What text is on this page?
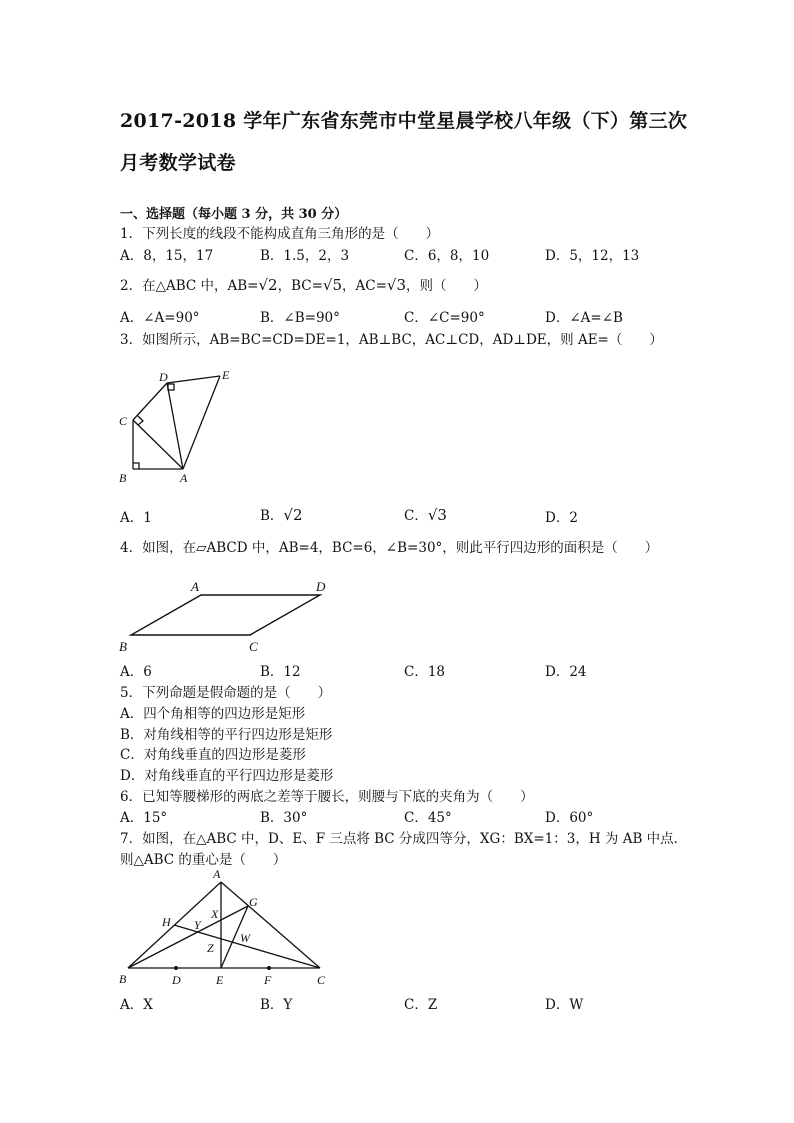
2017-2018 学年广东省东莞市中堂星晨学校八年级（下）第三次
月考数学试卷
一、选择题（每小题 3 分，共 30 分）
1．下列长度的线段不能构成直角三角形的是（　　）
A．8，15，17	B．1.5，2，3	C．6，8，10	D．5，12，13
2．在△ABC 中，AB=√2，BC=√5，AC=√3，则（　　）
A．∠A=90°	B．∠B=90°	C．∠C=90°	D．∠A=∠B
3．如图所示，AB=BC=CD=DE=1，AB⊥BC，AC⊥CD，AD⊥DE，则 AE=（　　）
D	E
C
B	A
A．1	B．√2	C．√3	D．2
4．如图，在▱ABCD 中，AB=4，BC=6，∠B=30°，则此平行四边形的面积是（　　）
A	D
B	C
A．6	B．12	C．18	D．24
5．下列命题是假命题的是（　　）
A．四个角相等的四边形是矩形
B．对角线相等的平行四边形是矩形
C．对角线垂直的四边形是菱形
D．对角线垂直的平行四边形是菱形
6．已知等腰梯形的两底之差等于腰长，则腰与下底的夹角为（　　）
A．15°	B．30°	C．45°	D．60°
7．如图，在△ABC 中，D、E、F 三点将 BC 分成四等分，XG：BX=1：3，H 为 AB 中点．
则△ABC 的重心是（　　）
A
G
X
H Y
W
Z
B	D	E	F	C
A．X	B．Y	C．Z	D．W
